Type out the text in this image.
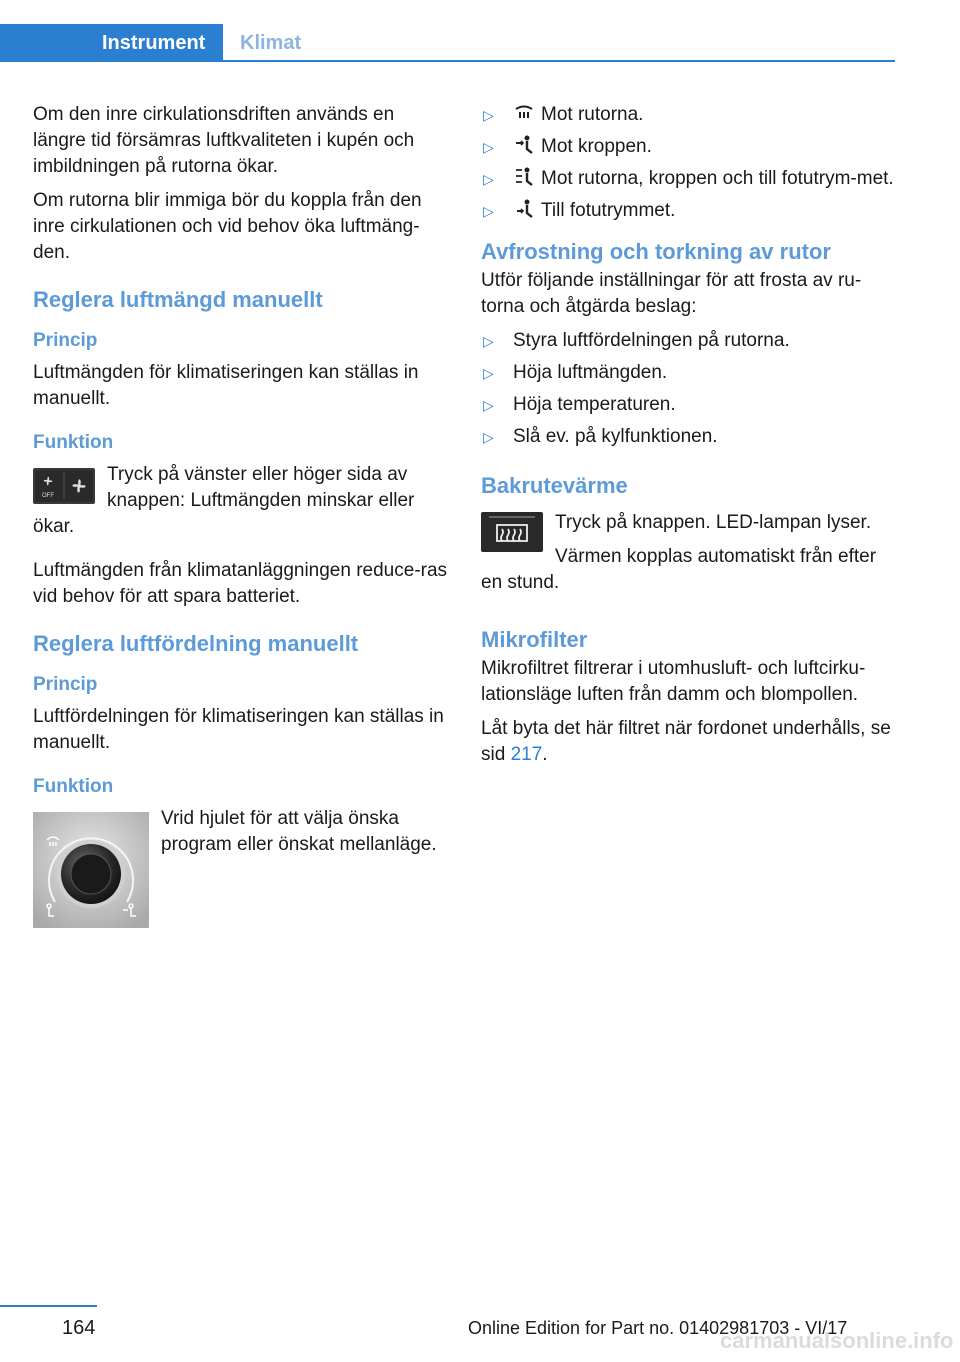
Instrument	Klimat

Om den inre cirkulationsdriften används en längre tid försämras luftkvaliteten i kupén och imbildningen på rutorna ökar.

Om rutorna blir immiga bör du koppla från den inre cirkulationen och vid behov öka luftmäng-den.

Reglera luftmängd manuellt
Princip

Luftmängden för klimatiseringen kan ställas in manuellt.

Funktion
OFF

Tryck på vänster eller höger sida av knappen: Luftmängden minskar eller ökar.

Luftmängden från klimatanläggningen reduce-ras vid behov för att spara batteriet.

Reglera luftfördelning manuellt
Princip

Luftfördelningen för klimatiseringen kan ställas in manuellt.

Funktion

Vrid hjulet för att välja önska program eller önskat mellanläge.

▷ Mot rutorna.
▷ Mot kroppen.
▷ Mot rutorna, kroppen och till fotutrym-met.
▷ Till fotutrymmet.
Avfrostning och torkning av rutor

Utför följande inställningar för att frosta av ru-torna och åtgärda beslag:

▷ Styra luftfördelningen på rutorna.
▷ Höja luftmängden.
▷ Höja temperaturen.
▷ Slå ev. på kylfunktionen.
Bakrutevärme

Tryck på knappen. LED-lampan lyser.

Värmen kopplas automatiskt från efter en stund.

Mikrofilter

Mikrofiltret filtrerar i utomhusluft- och luftcirku-lationsläge luften från damm och blompollen.

Låt byta det här filtret när fordonet underhålls, se sid 217.

164	Online Edition for Part no. 01402981703 - VI/17
carmanualsonline.info
